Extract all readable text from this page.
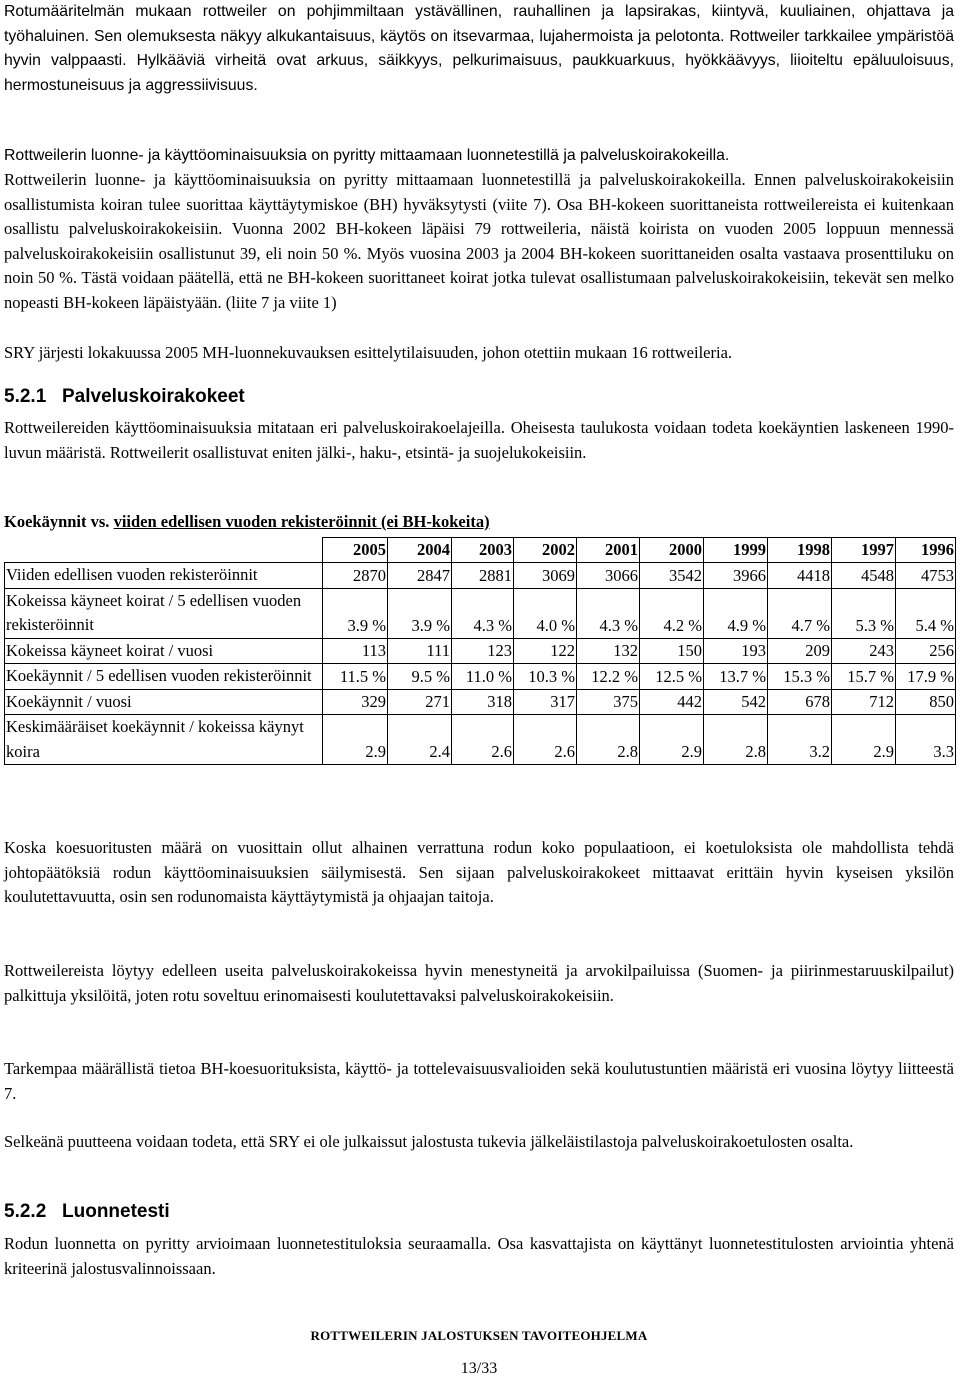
Rotumääritelmän mukaan rottweiler on pohjimmiltaan ystävällinen, rauhallinen ja lapsirakas, kiintyvä, kuuliainen, ohjattava ja työhaluinen. Sen olemuksesta näkyy alkukantaisuus, käytös on itsevarmaa, lujahermoista ja pelotonta. Rottweiler tarkkailee ympäristöä hyvin valppaasti. Hylkääviä virheitä ovat arkuus, säikkyys, pelkurimaisuus, paukkuarkuus, hyökkäävyys, liioiteltu epäluuloisuus, hermostuneisuus ja aggressiivisuus.

Rottweilerin luonne- ja käyttöominaisuuksia on pyritty mittaamaan luonnetestillä ja palveluskoirakokeilla.

Rottweilerin luonne- ja käyttöominaisuuksia on pyritty mittaamaan luonnetestillä ja palveluskoirakokeilla. Ennen palveluskoirakokeisiin osallistumista koiran tulee suorittaa käyttäytymiskoe (BH) hyväksytysti (viite 7). Osa BH-kokeen suorittaneista rottweilereista ei kuitenkaan osallistu palveluskoirakokeisiin. Vuonna 2002 BH-kokeen läpäisi 79 rottweileria, näistä koirista on vuoden 2005 loppuun mennessä palveluskoirakokeisiin osallistunut 39, eli noin 50 %. Myös vuosina 2003 ja 2004 BH-kokeen suorittaneiden osalta vastaava prosenttiluku on noin 50 %. Tästä voidaan päätellä, että ne BH-kokeen suorittaneet koirat jotka tulevat osallistumaan palveluskoirakokeisiin, tekevät sen melko nopeasti BH-kokeen läpäistyään. (liite 7 ja viite 1)

SRY järjesti lokakuussa 2005 MH-luonnekuvauksen esittelytilaisuuden, johon otettiin mukaan 16 rottweileria.

5.2.1 Palveluskoirakokeet

Rottweilereiden käyttöominaisuuksia mitataan eri palveluskoirakoelajeilla. Oheisesta taulukosta voidaan todeta koekäyntien laskeneen 1990-luvun määristä. Rottweilerit osallistuvat eniten jälki-, haku-, etsintä- ja suojelukokeisiin.

Koekäynnit vs. viiden edellisen vuoden rekisteröinnit (ei BH-kokeita)
	2005	2004	2003	2002	2001	2000	1999	1998	1997	1996
Viiden edellisen vuoden rekisteröinnit	2870	2847	2881	3069	3066	3542	3966	4418	4548	4753
Kokeissa käyneet koirat / 5 edellisen vuoden rekisteröinnit	3.9 %	3.9 %	4.3 %	4.0 %	4.3 %	4.2 %	4.9 %	4.7 %	5.3 %	5.4 %
Kokeissa käyneet koirat / vuosi	113	111	123	122	132	150	193	209	243	256
Koekäynnit / 5 edellisen vuoden rekisteröinnit	11.5 %	9.5 %	11.0 %	10.3 %	12.2 %	12.5 %	13.7 %	15.3 %	15.7 %	17.9 %
Koekäynnit / vuosi	329	271	318	317	375	442	542	678	712	850
Keskimääräiset koekäynnit / kokeissa käynyt koira	2.9	2.4	2.6	2.6	2.8	2.9	2.8	3.2	2.9	3.3

Koska koesuoritusten määrä on vuosittain ollut alhainen verrattuna rodun koko populaatioon, ei koetuloksista ole mahdollista tehdä johtopäätöksiä rodun käyttöominaisuuksien säilymisestä. Sen sijaan palveluskoirakokeet mittaavat erittäin hyvin kyseisen yksilön koulutettavuutta, osin sen rodunomaista käyttäytymistä ja ohjaajan taitoja.

Rottweilereista löytyy edelleen useita palveluskoirakokeissa hyvin menestyneitä ja arvokilpailuissa (Suomen- ja piirinmestaruuskilpailut) palkittuja yksilöitä, joten rotu soveltuu erinomaisesti koulutettavaksi palveluskoirakokeisiin.

Tarkempaa määrällistä tietoa BH-koesuorituksista, käyttö- ja tottelevaisuusvalioiden sekä koulutustuntien määristä eri vuosina löytyy liitteestä 7.

Selkeänä puutteena voidaan todeta, että SRY ei ole julkaissut jalostusta tukevia jälkeläistilastoja palveluskoirakoetulosten osalta.

5.2.2 Luonnetesti

Rodun luonnetta on pyritty arvioimaan luonnetestituloksia seuraamalla. Osa kasvattajista on käyttänyt luonnetestitulosten arviointia yhtenä kriteerinä jalostusvalinnoissaan.

ROTTWEILERIN JALOSTUKSEN TAVOITEOHJELMA
13/33
